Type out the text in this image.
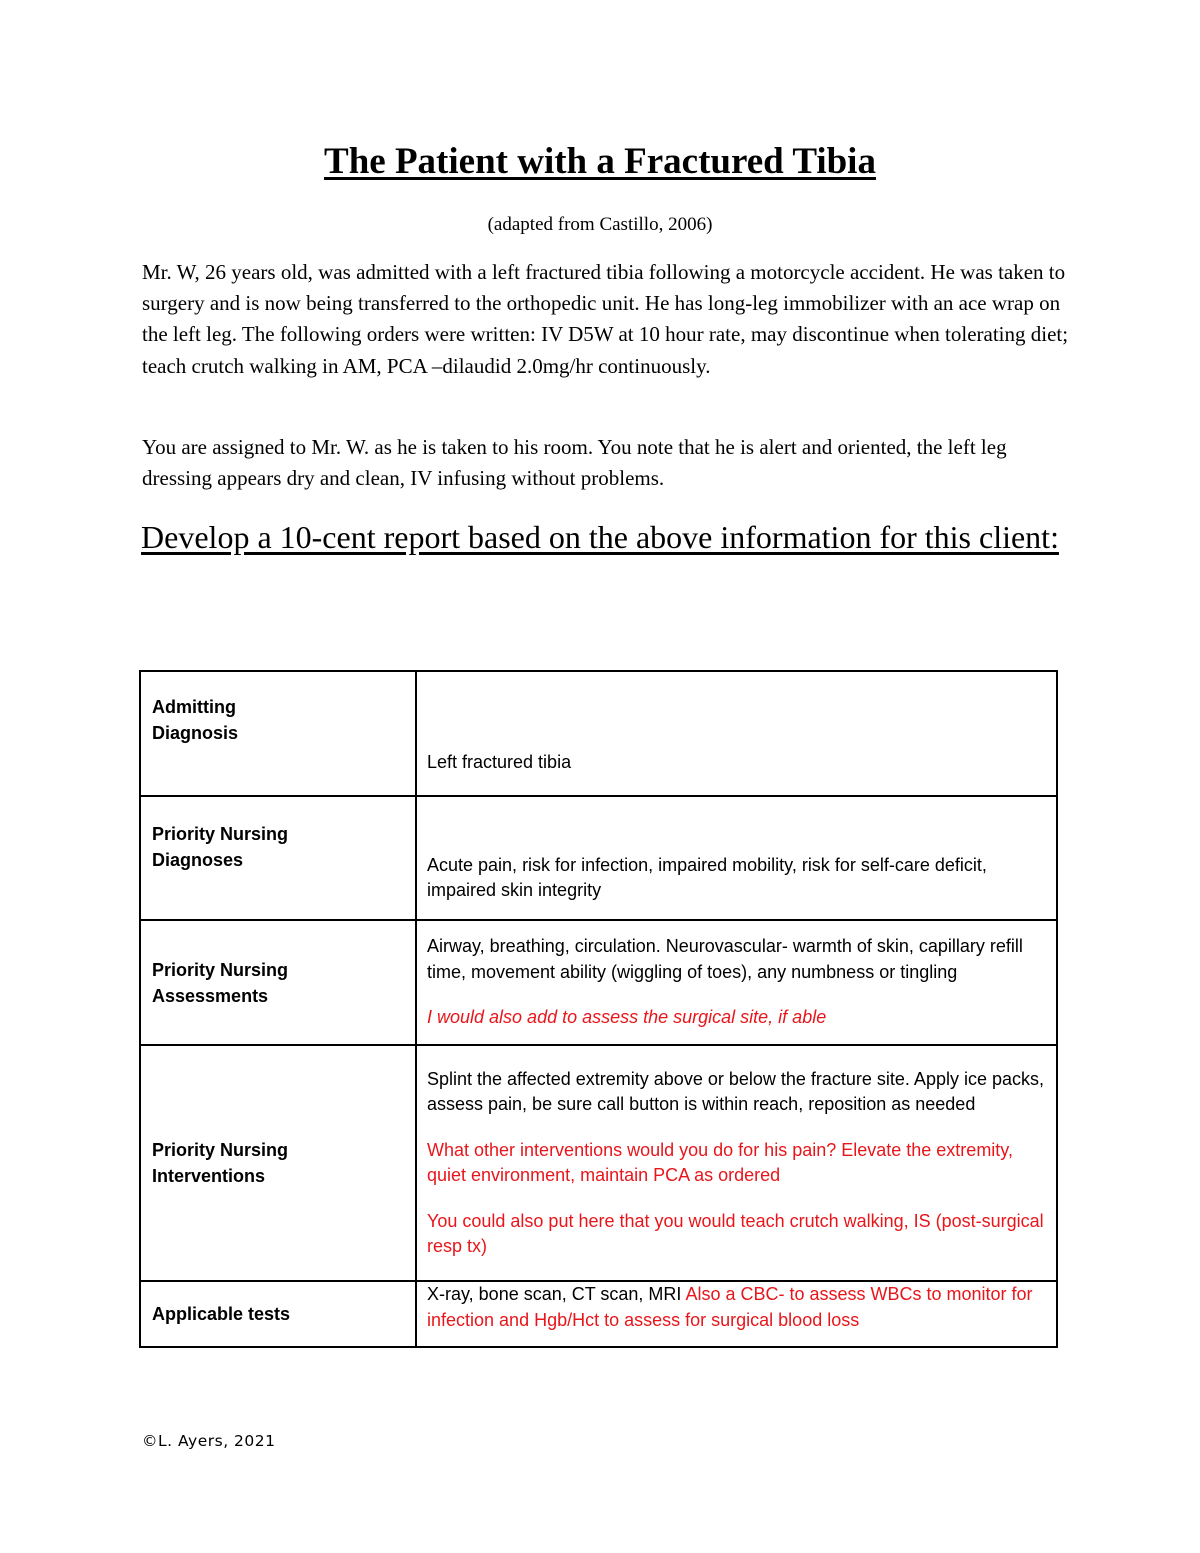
The Patient with a Fractured Tibia
(adapted from Castillo, 2006)

Mr. W, 26 years old, was admitted with a left fractured tibia following a motorcycle accident. He was taken to surgery and is now being transferred to the orthopedic unit. He has long-leg immobilizer with an ace wrap on the left leg. The following orders were written: IV D5W at 10 hour rate, may discontinue when tolerating diet; teach crutch walking in AM, PCA –dilaudid 2.0mg/hr continuously.

You are assigned to Mr. W. as he is taken to his room. You note that he is alert and oriented, the left leg dressing appears dry and clean, IV infusing without problems.

Develop a 10-cent report based on the above information for this client:
Admitting Diagnosis	Left fractured tibia

Priority Nursing Diagnoses	Acute pain, risk for infection, impaired mobility, risk for self-care deficit, impaired skin integrity

Priority Nursing Assessments	Airway, breathing, circulation. Neurovascular- warmth of skin, capillary refill time, movement ability (wiggling of toes), any numbness or tingling
I would also add to assess the surgical site, if able

Priority Nursing Interventions	Splint the affected extremity above or below the fracture site. Apply ice packs, assess pain, be sure call button is within reach, reposition as needed
What other interventions would you do for his pain? Elevate the extremity, quiet environment, maintain PCA as ordered
You could also put here that you would teach crutch walking, IS (post-surgical resp tx)

Applicable tests	X-ray, bone scan, CT scan, MRI Also a CBC- to assess WBCs to monitor for infection and Hgb/Hct to assess for surgical blood loss
©L. Ayers, 2021
